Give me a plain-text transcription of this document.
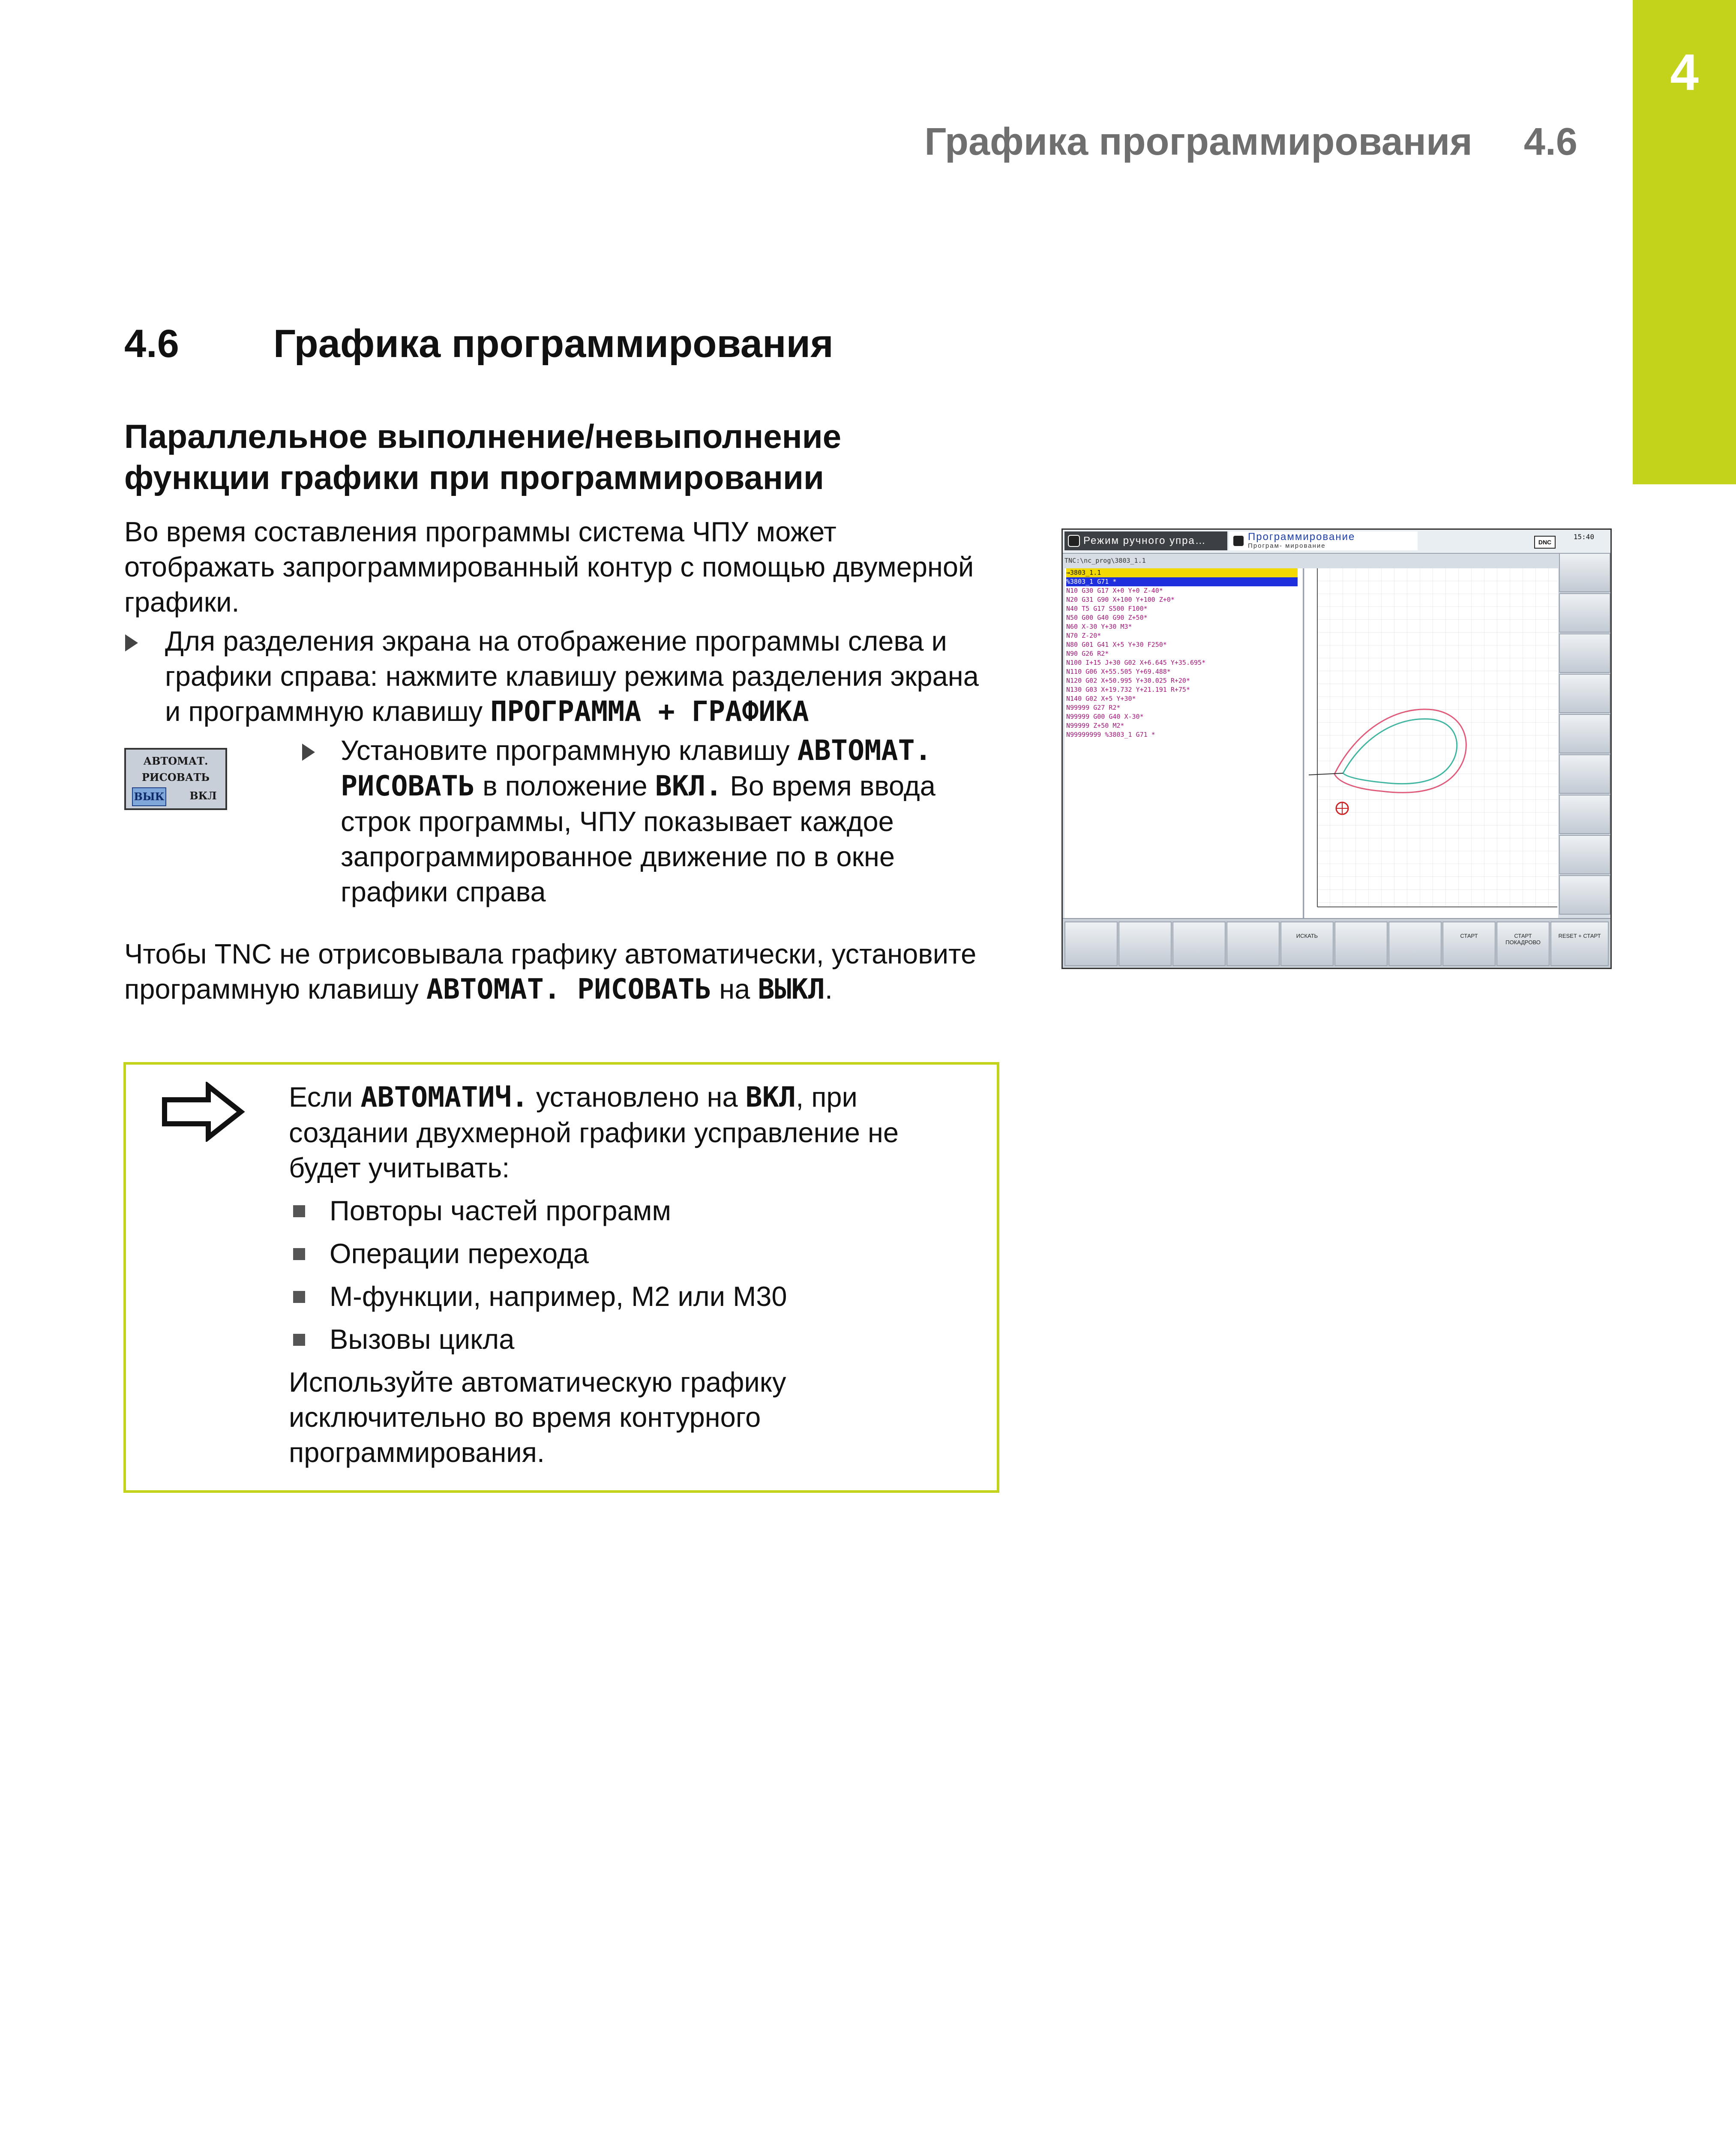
4
Графика программирования 4.6
4.6 Графика программирования
Параллельное выполнение/невыполнение функции графики при программировании
Во время составления программы система ЧПУ может отображать запрограммированный контур с помощью двумерной графики.
Для разделения экрана на отображение программы слева и графики справа: нажмите клавишу режима разделения экрана и программную клавишу ПРОГРАММА + ГРАФИКА
АВТОМАТ.
РИСОВАТЬ
ВЫК	ВКЛ
Установите программную клавишу АВТОМАТ. РИСОВАТЬ в положение ВКЛ. Во время ввода строк программы, ЧПУ показывает каждое запрограммированное движение по в окне графики справа
Чтобы TNC не отрисовывала графику автоматически, установите программную клавишу АВТОМАТ. РИСОВАТЬ на ВЫКЛ.
Если АВТОМАТИЧ. установлено на ВКЛ, при создании двухмерной графики усправление не будет учитывать:
Повторы частей программ
Операции перехода
M-функции, например, M2 или M30
Вызовы цикла
Используйте автоматическую графику исключительно во время контурного программирования.
Режим ручного упра…	Программирование
Програм- мирование	DNC
15:40
TNC:\nc_prog\3803_1.1
→3803_1.1
%3803_1 G71 *
N10 G30 G17 X+0 Y+0 Z-40*
N20 G31 G90 X+100 Y+100 Z+0*
N40 T5 G17 S500 F100*
N50 G00 G40 G90 Z+50*
N60 X-30 Y+30 M3*
N70 Z-20*
N80 G01 G41 X+5 Y+30 F250*
N90 G26 R2*
N100 I+15 J+30 G02 X+6.645 Y+35.695*
N110 G06 X+55.505 Y+69.488*
N120 G02 X+50.995 Y+30.025 R+20*
N130 G03 X+19.732 Y+21.191 R+75*
N140 G02 X+5 Y+30*
N99999 G27 R2*
N99999 G00 G40 X-30*
N99999 Z+50 M2*
N99999999 %3803_1 G71 *
ИСКАТЬ	СТАРТ	СТАРТ ПОКАДРОВО
RESET + СТАРТ
